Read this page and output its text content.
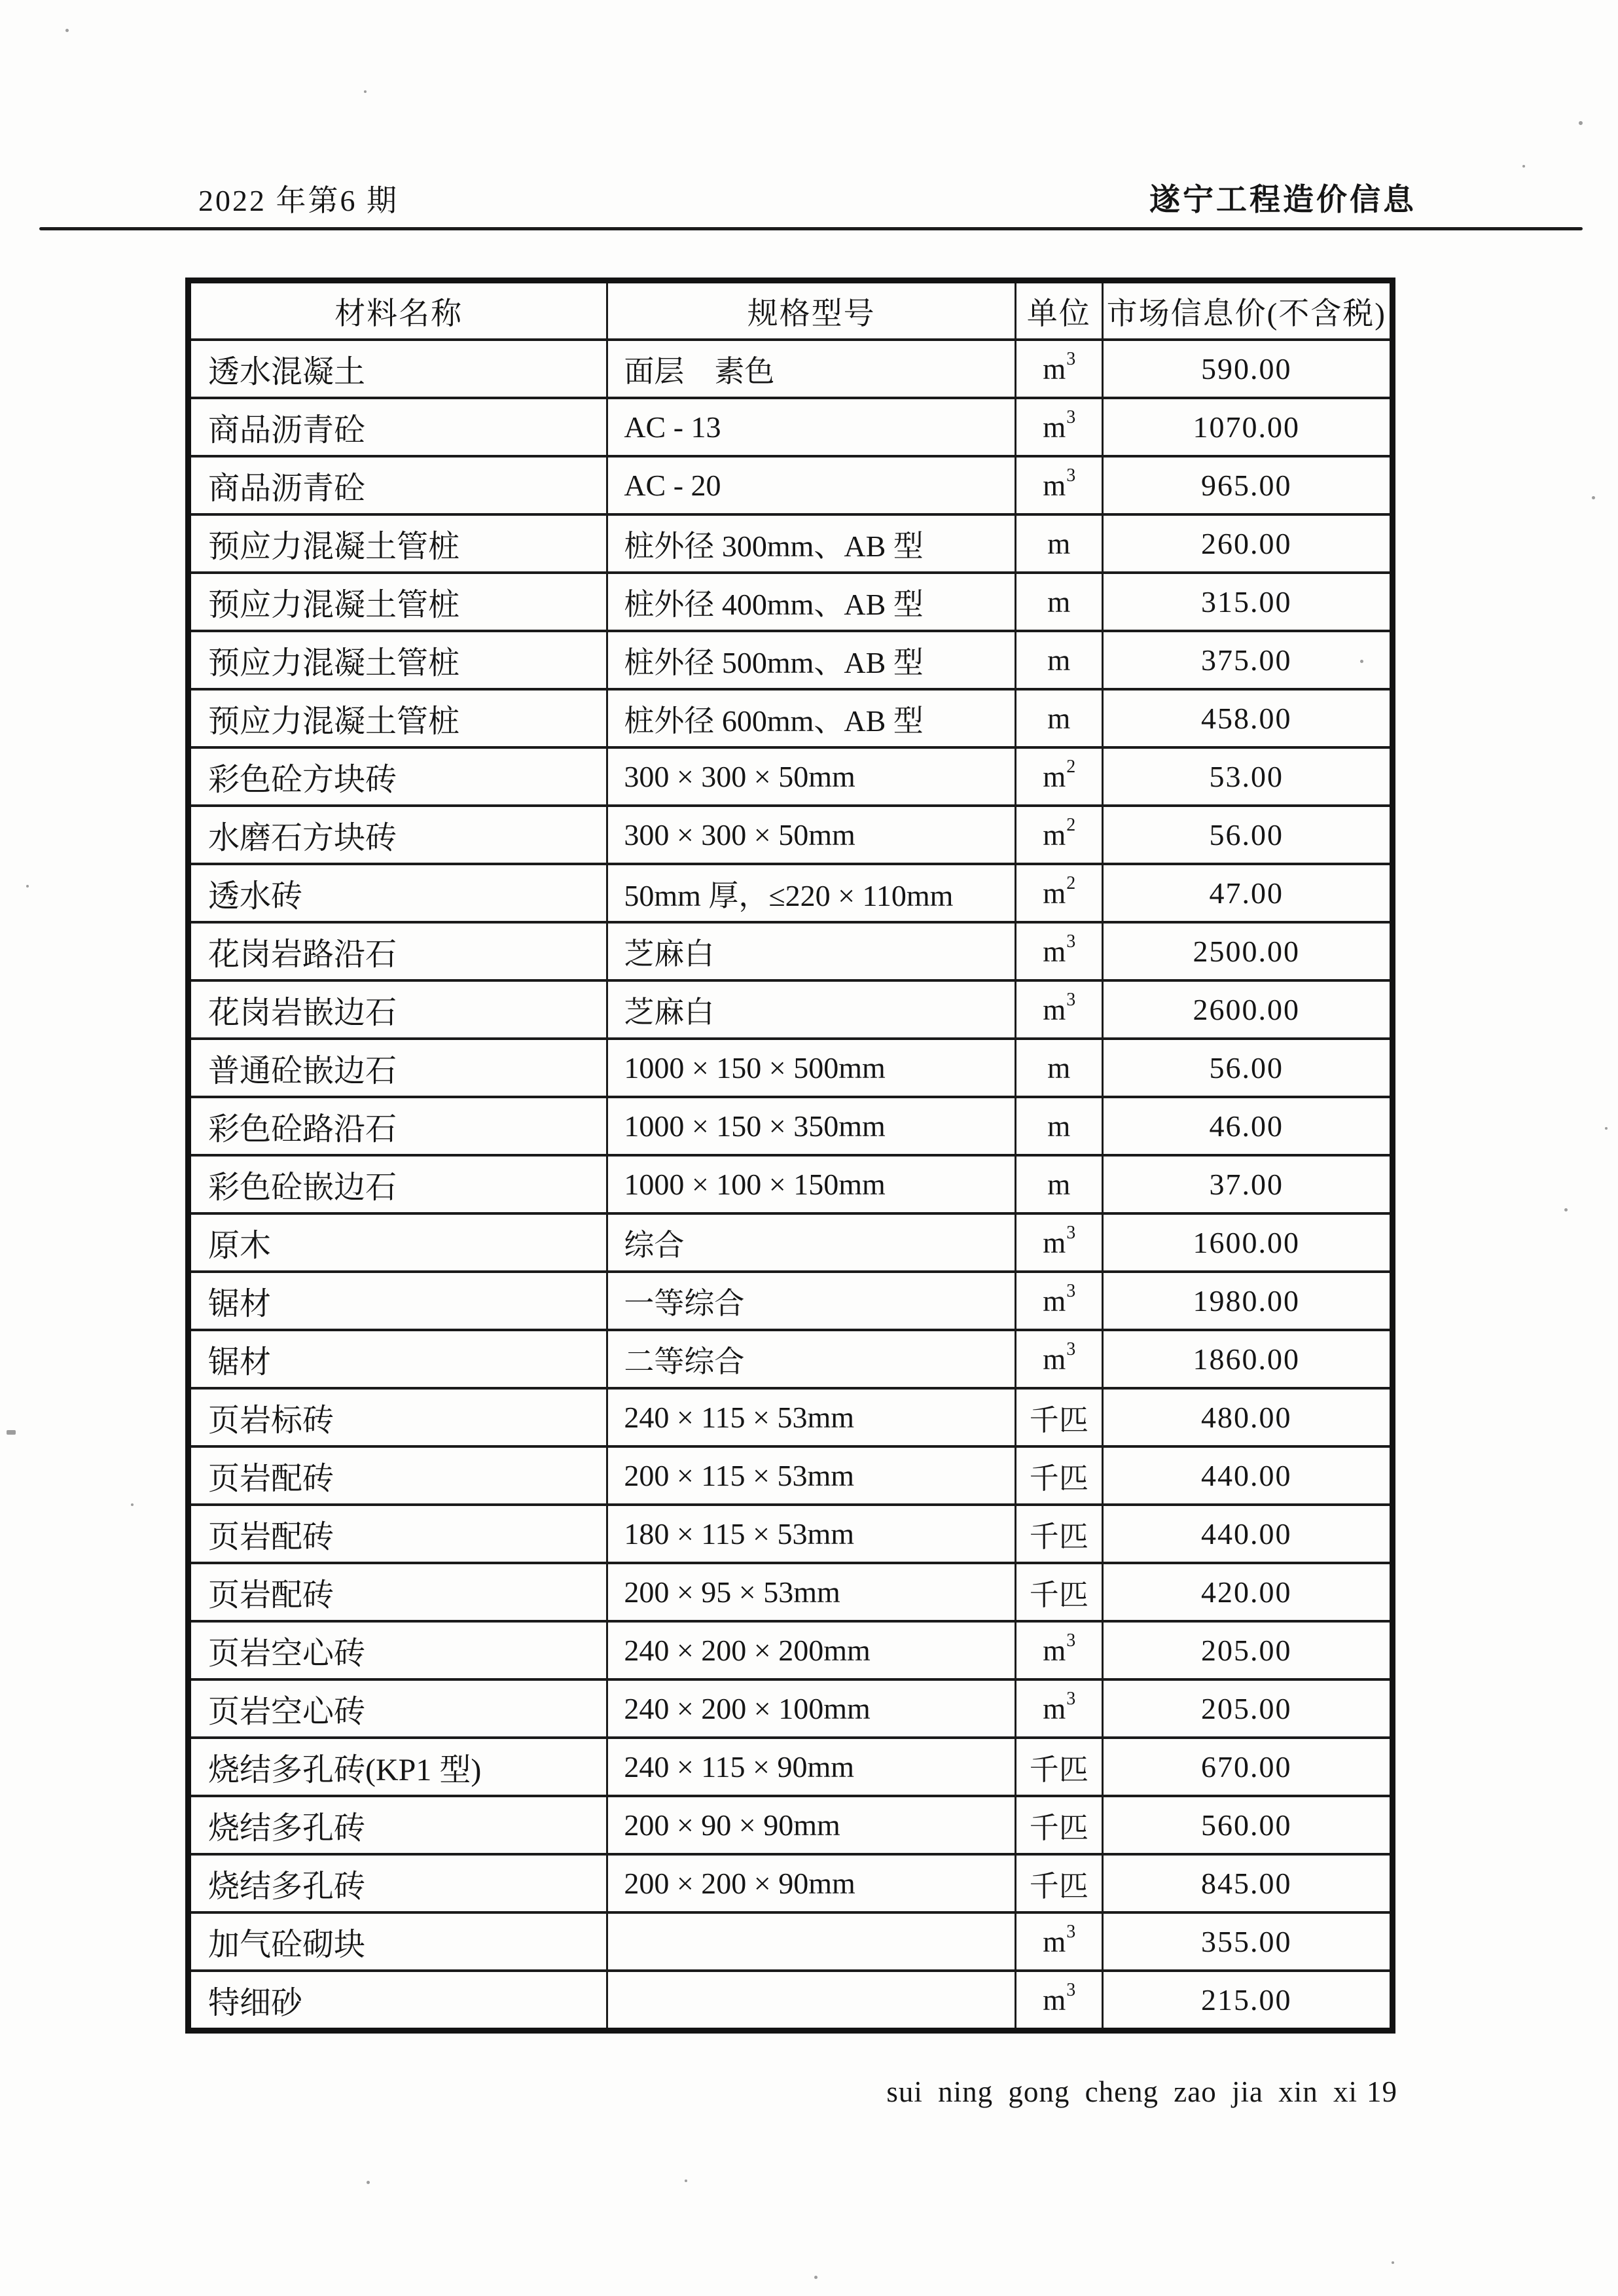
2022 年第6 期	遂宁工程造价信息
材料名称	规格型号	单位	市场信息价(不含税)
透水混凝土	面层　素色	$m^3$	590.00
商品沥青砼	AC - 13	$m^3$	1070.00
商品沥青砼	AC - 20	$m^3$	965.00
预应力混凝土管桩	桩外径 300mm、AB 型	m	260.00
预应力混凝土管桩	桩外径 400mm、AB 型	m	315.00
预应力混凝土管桩	桩外径 500mm、AB 型	m	375.00
预应力混凝土管桩	桩外径 600mm、AB 型	m	458.00
彩色砼方块砖	300 × 300 × 50mm	$m^2$	53.00
水磨石方块砖	300 × 300 × 50mm	$m^2$	56.00
透水砖	50mm 厚，≤220 × 110mm	$m^2$	47.00
花岗岩路沿石	芝麻白	$m^3$	2500.00
花岗岩嵌边石	芝麻白	$m^3$	2600.00
普通砼嵌边石	1000 × 150 × 500mm	m	56.00
彩色砼路沿石	1000 × 150 × 350mm	m	46.00
彩色砼嵌边石	1000 × 100 × 150mm	m	37.00
原木	综合	$m^3$	1600.00
锯材	一等综合	$m^3$	1980.00
锯材	二等综合	$m^3$	1860.00
页岩标砖	240 × 115 × 53mm	千匹	480.00
页岩配砖	200 × 115 × 53mm	千匹	440.00
页岩配砖	180 × 115 × 53mm	千匹	440.00
页岩配砖	200 × 95 × 53mm	千匹	420.00
页岩空心砖	240 × 200 × 200mm	$m^3$	205.00
页岩空心砖	240 × 200 × 100mm	$m^3$	205.00
烧结多孔砖(KP1 型)	240 × 115 × 90mm	千匹	670.00
烧结多孔砖	200 × 90 × 90mm	千匹	560.00
烧结多孔砖	200 × 200 × 90mm	千匹	845.00
加气砼砌块		$m^3$	355.00
特细砂		$m^3$	215.00
sui ning gong cheng zao jia xin xi 19
